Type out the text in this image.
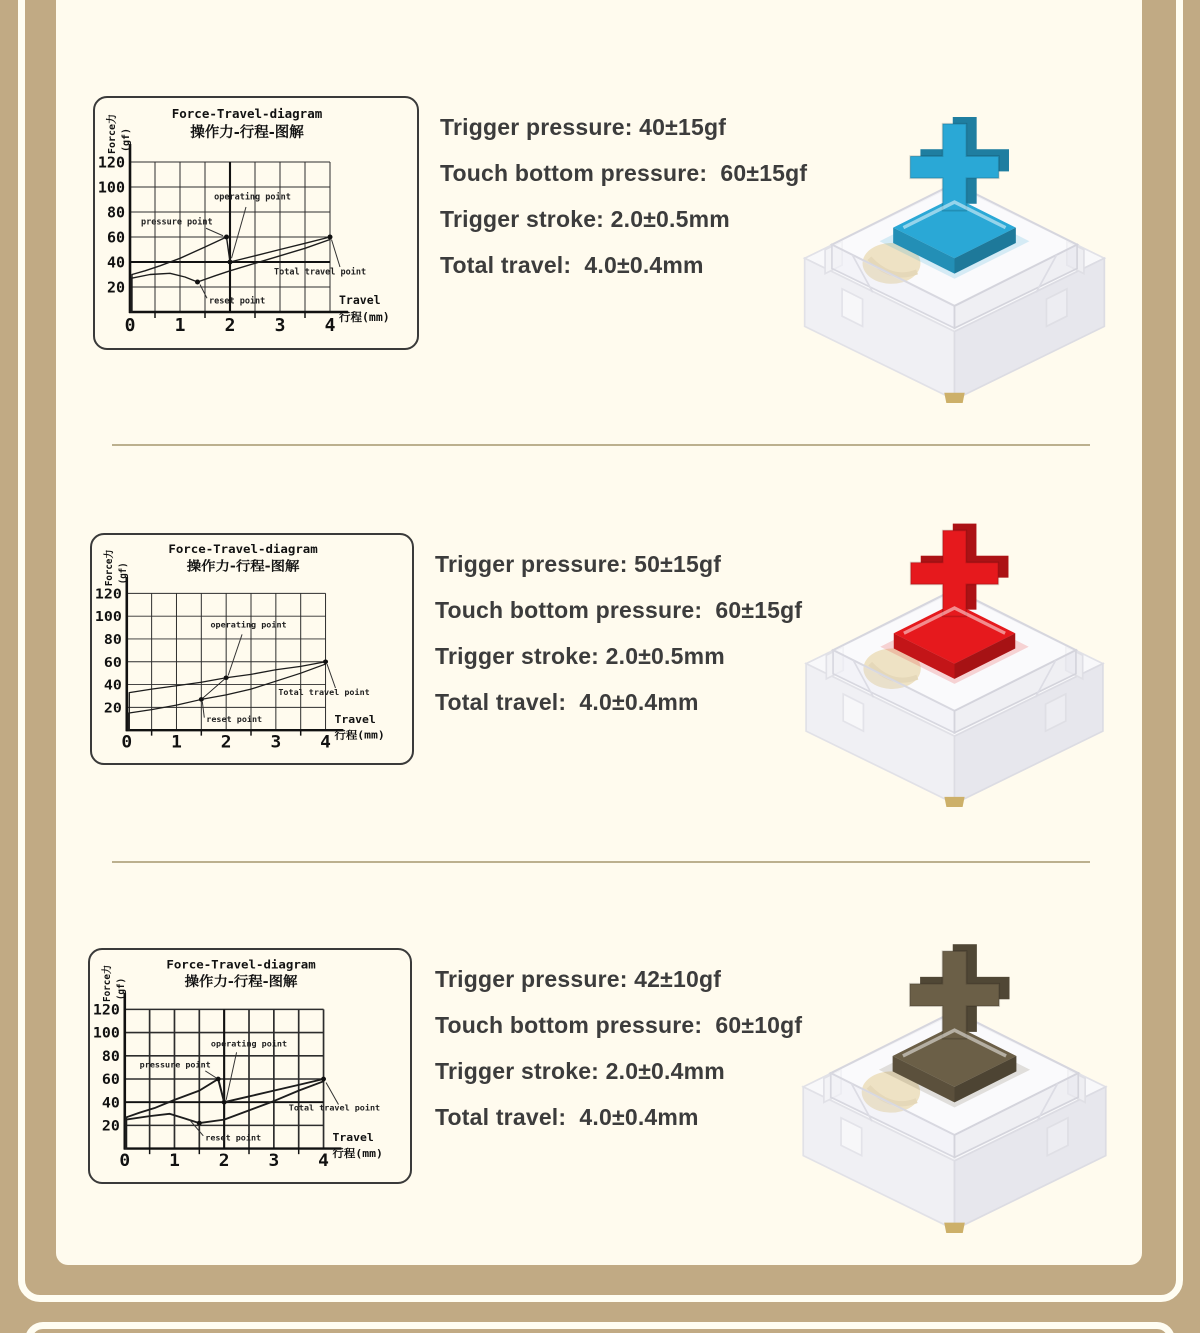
0 1 2 3 4
20
40
60
80
100
120
Force-Travel-diagram
操作力-行程-图解
Force力 (gf)
Travel
行程(mm)
operating point
pressure point
reset point
Total travel point
Trigger pressure: 40±15gf
Touch bottom pressure:  60±15gf
Trigger stroke: 2.0±0.5mm
Total travel:  4.0±0.4mm
0 1 2 3 4
20
40
60
80
100
120
Force-Travel-diagram
操作力-行程-图解
Force力 (gf)
Travel
行程(mm)
operating point
reset point
Total travel point
Trigger pressure: 50±15gf
Touch bottom pressure:  60±15gf
Trigger stroke: 2.0±0.5mm
Total travel:  4.0±0.4mm
0 1 2 3 4
20
40
60
80
100
120
Force-Travel-diagram
操作力-行程-图解
Force力 (gf)
Travel
行程(mm)
operating point
pressure point
reset point
Total travel point
Trigger pressure: 42±10gf
Touch bottom pressure:  60±10gf
Trigger stroke: 2.0±0.4mm
Total travel:  4.0±0.4mm
